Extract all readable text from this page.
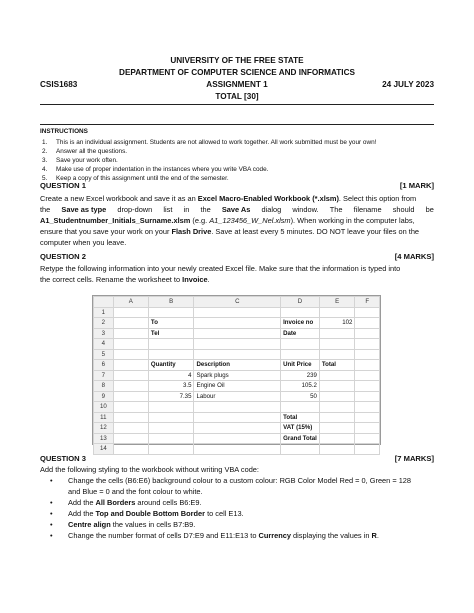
UNIVERSITY OF THE FREE STATE
DEPARTMENT OF COMPUTER SCIENCE AND INFORMATICS
CSIS1683	ASSIGNMENT 1	24 JULY 2023
TOTAL [30]
INSTRUCTIONS
1. This is an individual assignment. Students are not allowed to work together. All work submitted must be your own!
2. Answer all the questions.
3. Save your work often.
4. Make use of proper indentation in the instances where you write VBA code.
5. Keep a copy of this assignment until the end of the semester.
QUESTION 1	[1 MARK]
Create a new Excel workbook and save it as an Excel Macro-Enabled Workbook (*.xlsm). Select this option from
the Save as type drop-down list in the Save As dialog window. The filename should be
A1_Studentnumber_Initials_Surname.xlsm (e.g. A1_123456_W_Nel.xlsm). When working in the computer labs,
ensure that you save your work on your Flash Drive. Save at least every 5 minutes. DO NOT leave your files on the
computer when you leave.
QUESTION 2	[4 MARKS]
Retype the following information into your newly created Excel file. Make sure that the information is typed into
the correct cells. Rename the worksheet to Invoice.
	A	B	C	D	E	F
1						
2		To		Invoice no	102	
3		Tel		Date		
4						
5						
6		Quantity	Description	Unit Price	Total	
7		4	Spark plugs	239		
8		3.5	Engine Oil	105.2		
9		7.35	Labour	50		
10						
11				Total		
12				VAT (15%)		
13				Grand Total		
14						
QUESTION 3	[7 MARKS]
Add the following styling to the workbook without writing VBA code:
• Change the cells (B6:E6) background colour to a custom colour: RGB Color Model Red = 0, Green = 128
and Blue = 0 and the font colour to white.
• Add the All Borders around cells B6:E9.
• Add the Top and Double Bottom Border to cell E13.
• Centre align the values in cells B7:B9.
• Change the number format of cells D7:E9 and E11:E13 to Currency displaying the values in R.
